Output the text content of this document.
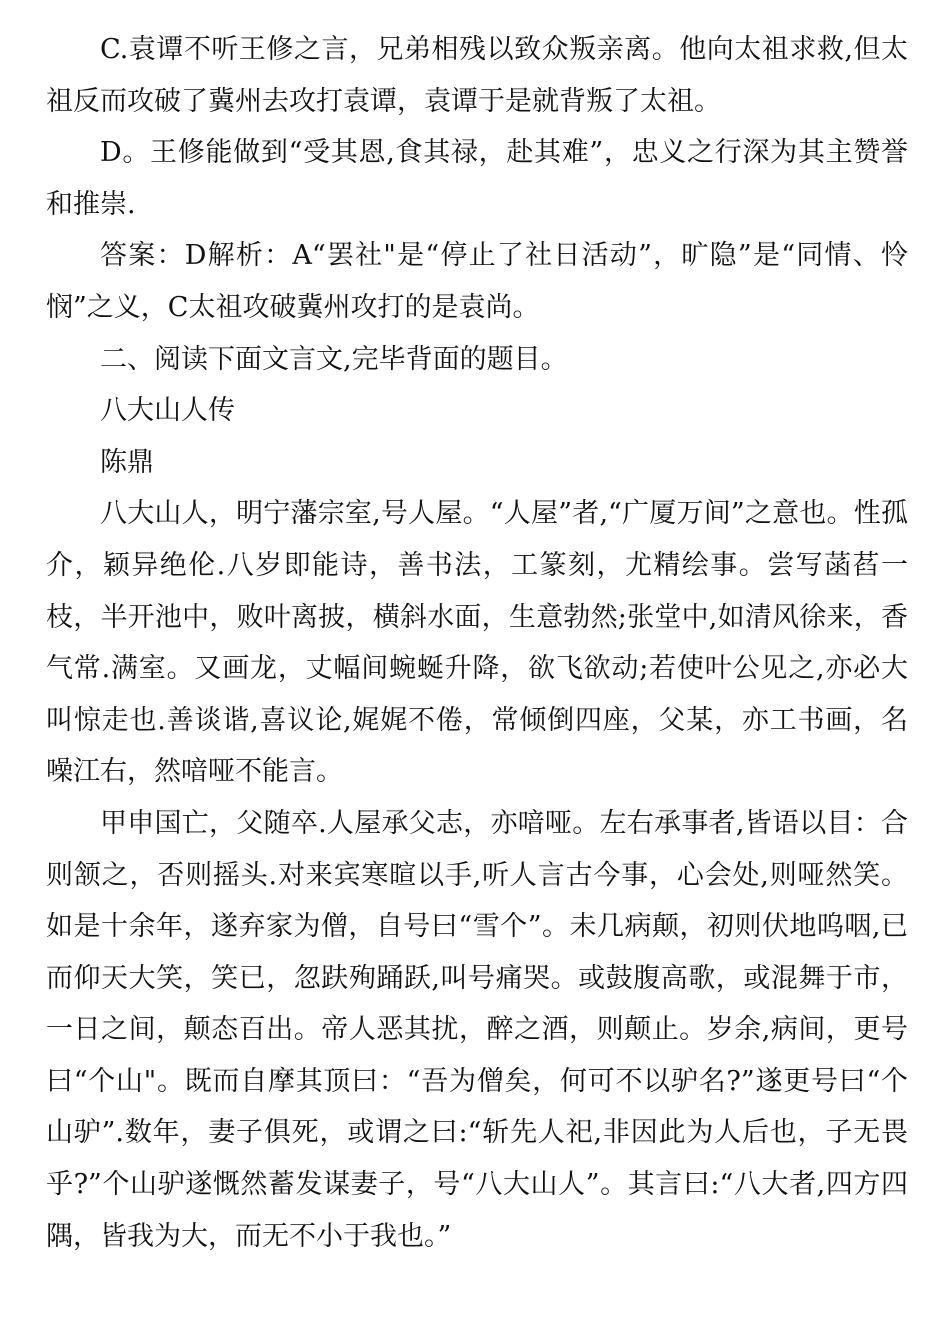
C.袁谭不听王修之言，兄弟相残以致众叛亲离。他向太祖求救,但太祖反而攻破了冀州去攻打袁谭，袁谭于是就背叛了太祖。

D。王修能做到“受其恩,食其禄，赴其难”，忠义之行深为其主赞誉和推崇.

答案：D解析：A“罢社"是“停止了社日活动”，旷隐”是“同情、怜悯”之义，C太祖攻破冀州攻打的是袁尚。

二、阅读下面文言文,完毕背面的题目。

八大山人传

陈鼎

八大山人，明宁藩宗室,号人屋。“人屋”者,“广厦万间”之意也。性孤介，颖异绝伦.八岁即能诗，善书法，工篆刻，尤精绘事。尝写菡萏一枝，半开池中，败叶离披，横斜水面，生意勃然;张堂中,如清风徐来，香气常.满室。又画龙，丈幅间蜿蜒升降，欲飞欲动;若使叶公见之,亦必大叫惊走也.善谈谐,喜议论,娓娓不倦，常倾倒四座，父某，亦工书画，名噪江右，然喑哑不能言。

甲申国亡，父随卒.人屋承父志，亦喑哑。左右承事者,皆语以目：合则颔之，否则摇头.对来宾寒暄以手,听人言古今事，心会处,则哑然笑。如是十余年，遂弃家为僧，自号曰“雪个”。未几病颠，初则伏地呜咽,已而仰天大笑，笑已，忽趺殉踊跃,叫号痛哭。或鼓腹高歌，或混舞于市，一日之间，颠态百出。帝人恶其扰，醉之酒，则颠止。岁余,病间，更号曰“个山"。既而自摩其顶曰：“吾为僧矣，何可不以驴名?”遂更号曰“个山驴”.数年，妻子俱死，或谓之曰:“斩先人祀,非因此为人后也，子无畏乎?”个山驴遂慨然蓄发谋妻子，号“八大山人”。其言曰:“八大者,四方四隅，皆我为大，而无不小于我也。”
